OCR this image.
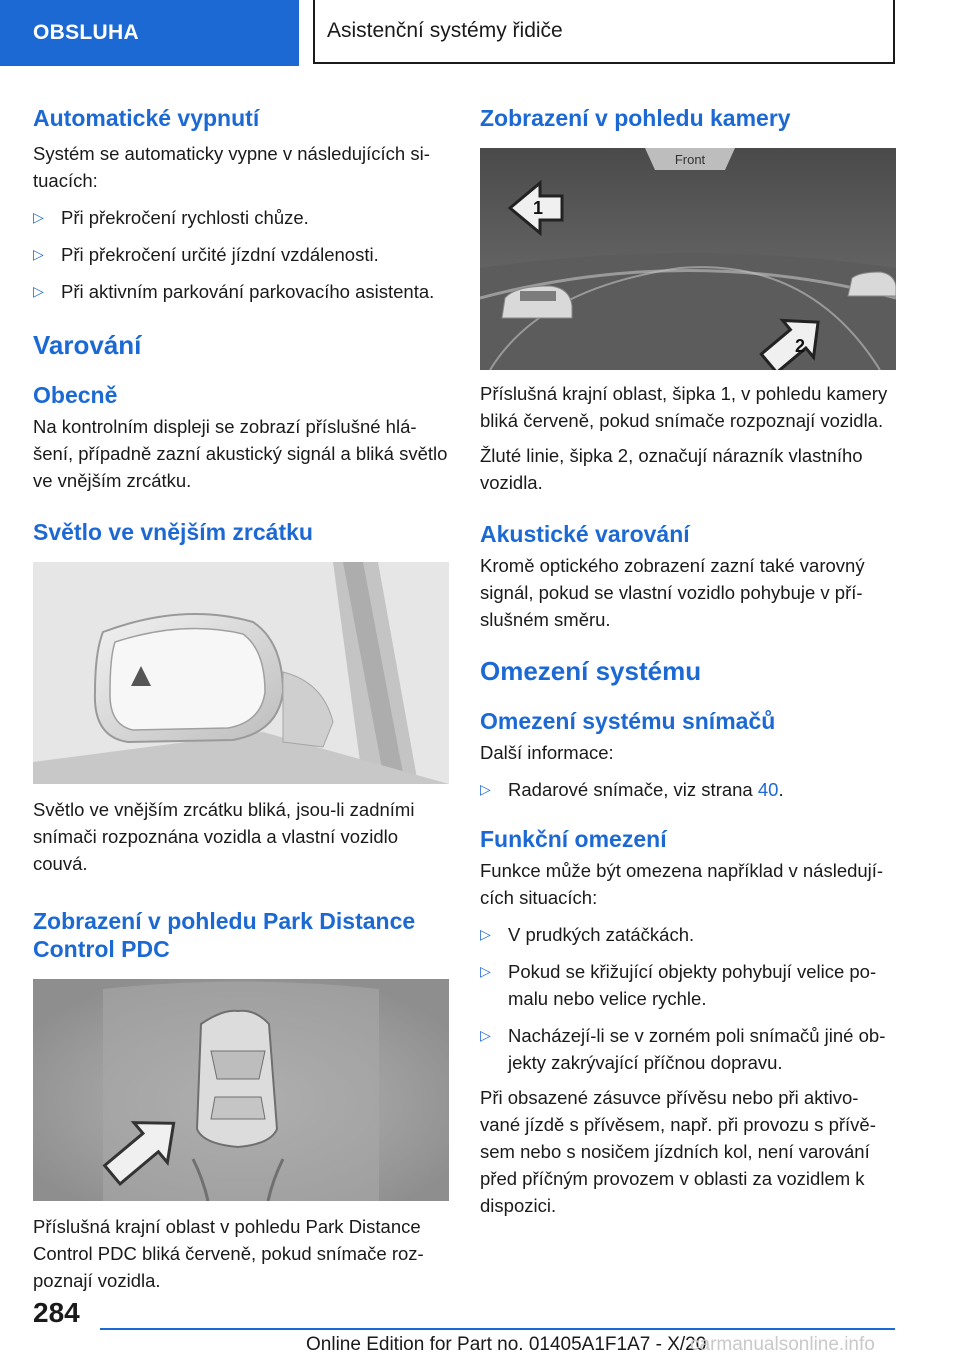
OBSLUHA	Asistenční systémy řidiče
Automatické vypnutí

Systém se automaticky vypne v následujících si-tuacích:

▷ Při překročení rychlosti chůze.
▷ Při překročení určité jízdní vzdálenosti.
▷ Při aktivním parkování parkovacího asistenta.
Varování
Obecně

Na kontrolním displeji se zobrazí příslušné hlá-šení, případně zazní akustický signál a bliká světlo ve vnějším zrcátku.

Světlo ve vnějším zrcátku

Světlo ve vnějším zrcátku bliká, jsou-li zadními snímači rozpoznána vozidla a vlastní vozidlo couvá.

Zobrazení v pohledu Park Distance Control PDC

Příslušná krajní oblast v pohledu Park Distance Control PDC bliká červeně, pokud snímače roz-poznají vozidla.

Zobrazení v pohledu kamery
Front
1
2

Příslušná krajní oblast, šipka 1, v pohledu kamery bliká červeně, pokud snímače rozpoznají vozidla.

Žluté linie, šipka 2, označují nárazník vlastního vozidla.

Akustické varování

Kromě optického zobrazení zazní také varovný signál, pokud se vlastní vozidlo pohybuje v pří-slušném směru.

Omezení systému
Omezení systému snímačů

Další informace:

▷ Radarové snímače, viz strana 40.
Funkční omezení

Funkce může být omezena například v následují-cích situacích:

▷ V prudkých zatáčkách.
▷ Pokud se křižující objekty pohybují velice po-malu nebo velice rychle.
▷ Nacházejí-li se v zorném poli snímačů jiné ob-jekty zakrývající příčnou dopravu.

Při obsazené zásuvce přívěsu nebo při aktivo-vané jízdě s přívěsem, např. při provozu s přívě-sem nebo s nosičem jízdních kol, není varování před příčným provozem v oblasti za vozidlem k dispozici.

284
Online Edition for Part no. 01405A1F1A7 - X/20
carmanualsonline.info
